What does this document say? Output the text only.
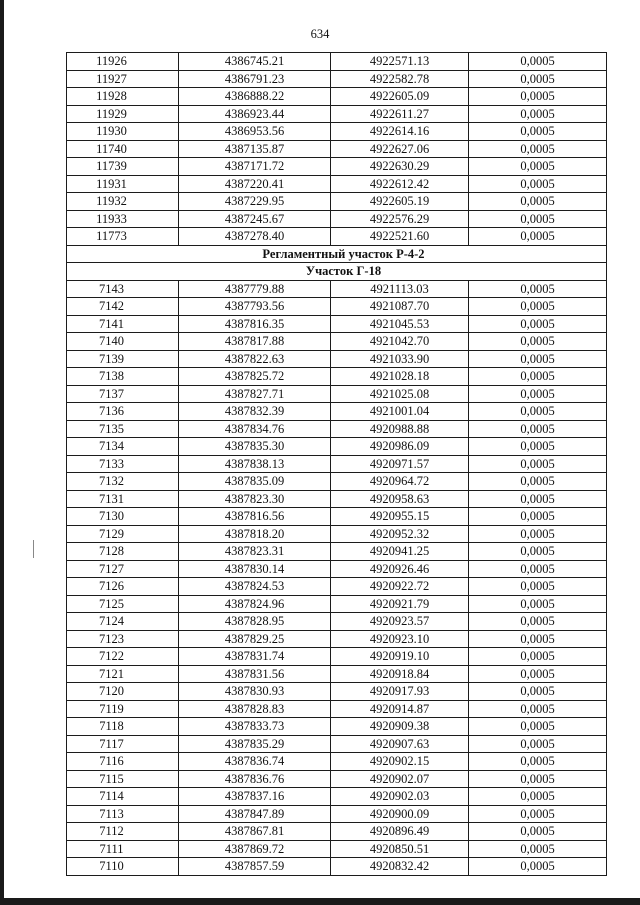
634
11926	4386745.21	4922571.13	0,0005
11927	4386791.23	4922582.78	0,0005
11928	4386888.22	4922605.09	0,0005
11929	4386923.44	4922611.27	0,0005
11930	4386953.56	4922614.16	0,0005
11740	4387135.87	4922627.06	0,0005
11739	4387171.72	4922630.29	0,0005
11931	4387220.41	4922612.42	0,0005
11932	4387229.95	4922605.19	0,0005
11933	4387245.67	4922576.29	0,0005
11773	4387278.40	4922521.60	0,0005
Регламентный участок Р-4-2			
Участок Г-18			
7143	4387779.88	4921113.03	0,0005
7142	4387793.56	4921087.70	0,0005
7141	4387816.35	4921045.53	0,0005
7140	4387817.88	4921042.70	0,0005
7139	4387822.63	4921033.90	0,0005
7138	4387825.72	4921028.18	0,0005
7137	4387827.71	4921025.08	0,0005
7136	4387832.39	4921001.04	0,0005
7135	4387834.76	4920988.88	0,0005
7134	4387835.30	4920986.09	0,0005
7133	4387838.13	4920971.57	0,0005
7132	4387835.09	4920964.72	0,0005
7131	4387823.30	4920958.63	0,0005
7130	4387816.56	4920955.15	0,0005
7129	4387818.20	4920952.32	0,0005
7128	4387823.31	4920941.25	0,0005
7127	4387830.14	4920926.46	0,0005
7126	4387824.53	4920922.72	0,0005
7125	4387824.96	4920921.79	0,0005
7124	4387828.95	4920923.57	0,0005
7123	4387829.25	4920923.10	0,0005
7122	4387831.74	4920919.10	0,0005
7121	4387831.56	4920918.84	0,0005
7120	4387830.93	4920917.93	0,0005
7119	4387828.83	4920914.87	0,0005
7118	4387833.73	4920909.38	0,0005
7117	4387835.29	4920907.63	0,0005
7116	4387836.74	4920902.15	0,0005
7115	4387836.76	4920902.07	0,0005
7114	4387837.16	4920902.03	0,0005
7113	4387847.89	4920900.09	0,0005
7112	4387867.81	4920896.49	0,0005
7111	4387869.72	4920850.51	0,0005
7110	4387857.59	4920832.42	0,0005
